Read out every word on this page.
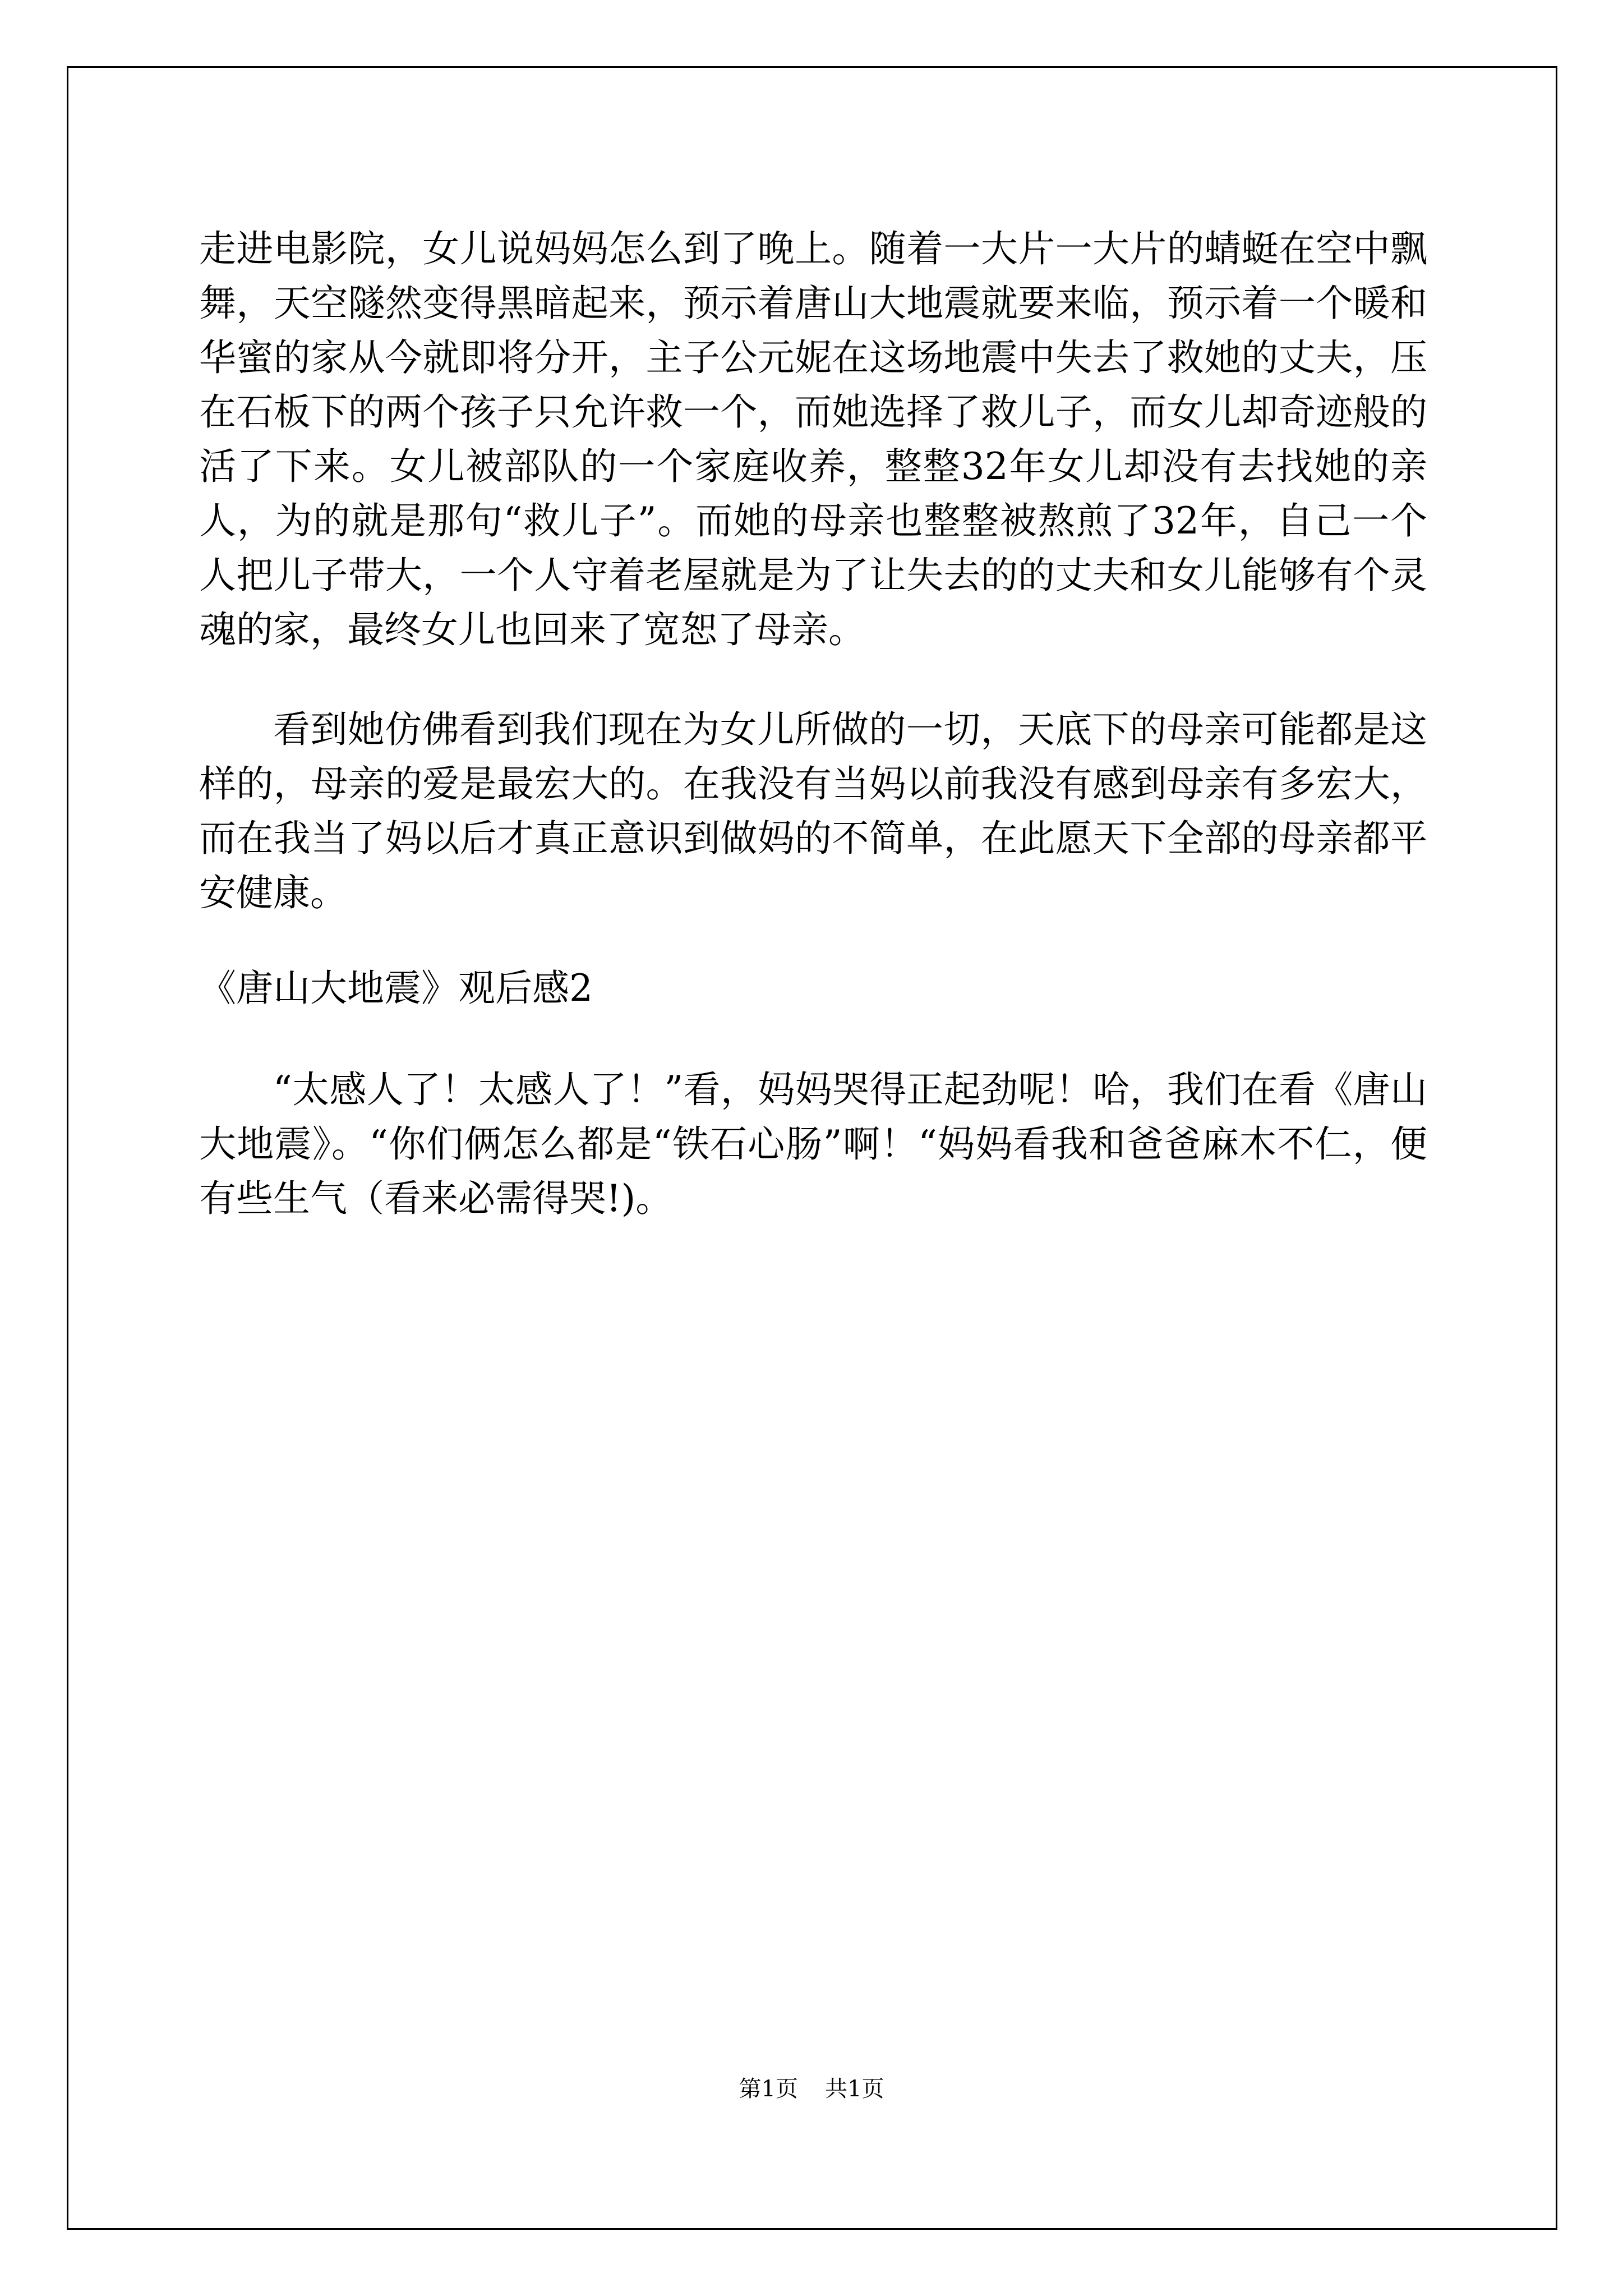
走进电影院，女儿说妈妈怎么到了晚上。随着一大片一大片的蜻蜓在空中飘舞，天空隧然变得黑暗起来，预示着唐山大地震就要来临，预示着一个暖和华蜜的家从今就即将分开，主子公元妮在这场地震中失去了救她的丈夫，压在石板下的两个孩子只允许救一个，而她选择了救儿子，而女儿却奇迹般的活了下来。女儿被部队的一个家庭收养，整整32年女儿却没有去找她的亲人，为的就是那句“救儿子”。而她的母亲也整整被熬煎了32年，自己一个人把儿子带大，一个人守着老屋就是为了让失去的的丈夫和女儿能够有个灵魂的家，最终女儿也回来了宽恕了母亲。

看到她仿佛看到我们现在为女儿所做的一切，天底下的母亲可能都是这样的，母亲的爱是最宏大的。在我没有当妈以前我没有感到母亲有多宏大，而在我当了妈以后才真正意识到做妈的不简单，在此愿天下全部的母亲都平安健康。

《唐山大地震》观后感2

“太感人了！太感人了！”看，妈妈哭得正起劲呢！哈，我们在看《唐山大地震》。“你们俩怎么都是“铁石心肠”啊！“妈妈看我和爸爸麻木不仁，便有些生气（看来必需得哭!)。

第1页 共1页
